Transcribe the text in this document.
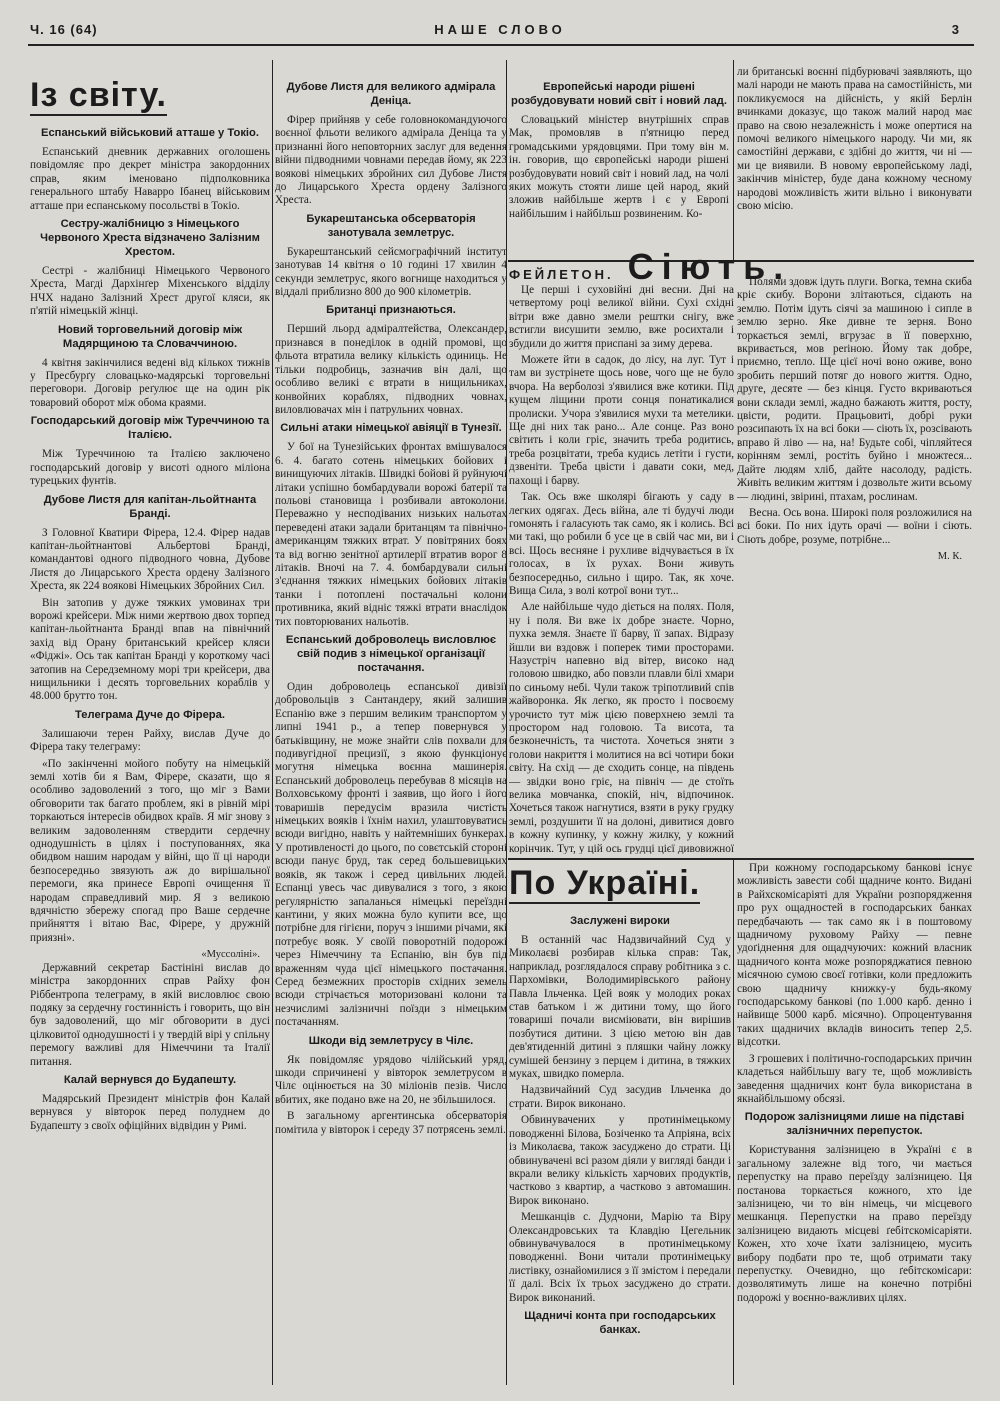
Ч. 16 (64)	НАШЕ СЛОВО	3
Із світу.
Еспанський військовий атташе у Токіо.

Еспанський дневник державних оголошень повідомляє про декрет міністра закордонних справ, яким іменовано підполковника генерального штабу Наварро Ібанец військовим атташе при еспанському посольстві в Токіо.

Сестру-жалібницю з Німецького Червоного Хреста відзначено Залізним Хрестом.

Сестрі - жалібниці Німецького Червоного Хреста, Магді Дархінґер Міхенського відділу НЧХ надано Залізний Хрест другої кляси, як п'ятій німецькій жінці.

Новий торговельний договір між Мадярщиною та Словаччиною.

4 квітня закінчилися ведені від кількох тижнів у Пресбурґу словацько-мадярські торговельні переговори. Договір реґулює ще на один рік товаровий оборот між обома краями.

Господарський договір між Туреччиною та Італією.

Між Туреччиною та Італією заключено господарський договір у висоті одного міліона турецьких фунтів.

Дубове Листя для капітан-льойтнанта Бранді.

З Головної Кватири Фірера, 12.4. Фірер надав капітан-льойтнантові Альбертові Бранді, командантові одного підводного човна, Дубове Листя до Лицарського Хреста ордену Залізного Хреста, як 224 воякові Німецьких Збройних Сил.

Він затопив у дуже тяжких умовинах три ворожі крейсери. Між ними жертвою двох торпед капітан-льойтнанта Бранді впав на північний захід від Орану британський крейсер кляси «Фіджі». Ось так капітан Бранді у короткому часі затопив на Середземному морі три крейсери, два нищильники і десять торговельних кораблів у 48.000 брутто тон.

Телеграма Дуче до Фірера.

Залишаючи терен Райху, вислав Дуче до Фірера таку телеграму:

«По закінченні мойого побуту на німецькій землі хотів би я Вам, Фірере, сказати, що я особливо задоволений з того, що міг з Вами обговорити так багато проблем, які в рівній мірі торкаються інтересів обидвох країв. Я міг знову з великим задоволенням ствердити сердечну однодушність в цілях і поступованнях, яка обидвом нашим народам у війні, що її ці народи безпосередньо звязують аж до вирішальної перемоги, яка принесе Европі очищення її народам справедливий мир. Я з великою вдячністю збережу спогад про Ваше сердечне прийняття і вітаю Вас, Фірере, у дружній приязні».

«Муссоліні».

Державний секретар Бастініні вислав до міністра закордонних справ Райху фон Ріббентропа телеграму, в якій висловлює свою подяку за сердечну гостинність і говорить, що він був задоволений, що міг обговорити в дусі цілковитої однодушності і у твердій вірі у спільну перемогу важливі для Німеччини та Італії питання.

Калай вернувся до Будапешту.

Мадярський Президент міністрів фон Калай вернувся у вівторок перед полуднем до Будапешту з своїх офіційних відвідин у Римі.

Дубове Листя для великого адмірала Деніца.

Фірер прийняв у себе головнокомандуючого воєнної фльоти великого адмірала Деніца та у признанні його неповторних заслуг для ведення війни підводними човнами передав йому, як 223 воякові німецьких збройних сил Дубове Листя до Лицарського Хреста ордену Залізного Хреста.

Букарештанська обсерваторія занотувала землетрус.

Букарештанський сейсмографічний інститут занотував 14 квітня о 10 годині 17 хвилин 4 секунди землетрус, якого вогнище находиться у віддалі приблизно 800 до 900 кілометрів.

Британці признаються.

Перший льорд адміралтейства, Олександер, признався в понеділок в одній промові, що фльота втратила велику кількість одиниць. Не тільки подробиць, зазначив він далі, що особливо великі є втрати в нищильниках, конвойних кораблях, підводних човнах, виловлювачах мін і патрульних човнах.

Сильні атаки німецької авіяції в Тунезії.

У бої на Тунезійських фронтах вмішувалося 6. 4. багато сотень німецьких бойових і винищуючих літаків. Швидкі бойові й руйнуючі літаки успішно бомбардували ворожі батерії та польові становища і розбивали автоколони. Переважно у несподіваних низьких нальотах переведені атаки задали британцям та північно-американцям тяжких втрат. У повітряних боях та від вогню зенітної артилерії втратив ворог 8 літаків. Вночі на 7. 4. бомбардували сильні з'єднання тяжких німецьких бойових літаків танки і потоплені постачальні колони противника, який відніс тяжкі втрати внаслідок тих повторюваних нальотів.

Еспанський доброволець висловлює свій подив з німецької організації постачання.

Один доброволець еспанської дивізії добровольців з Сантандеру, який залишив Еспанію вже з першим великим транспортом у липні 1941 р., а тепер повернувся у батьківщину, не може знайти слів похвали для подивугідної прецизії, з якою функціонує могутня німецька воєнна машинерія. Еспанський доброволець перебував 8 місяців на Волховському фронті і заявив, що його і його товаришів передусім вразила чистість німецьких вояків і їхнім нахил, улаштовуватись всюди вигідно, навіть у найтемніших бункерах. У противленості до цього, по совєтській стороні всюди панує бруд, так серед большевицьких вояків, як також і серед цивільних людей. Еспанці увесь час дивувалися з того, з якою реґулярністю запаланься німецькі переїздні кантини, у яких можна було купити все, що потрібне для гігієни, поруч з іншими річами, які потребує вояк. У своїй поворотній подорожі через Німеччину та Еспанію, він був під враженням чуда цієї німецького постачання. Серед безмежних просторів східних земель всюди стрічається моторизовані колони та незчислимі залізничні поїзди з німецьким постачанням.

Шкоди від землетрусу в Чілє.

Як повідомляє урядово чілійський уряд, шкоди спричинені у вівторок землетрусом в Чілє оцінюється на 30 міліонів пезів. Число вбитих, яке подано вже на 20, не збільшилося.

В загальному аргентинська обсерваторія помітила у вівторок і середу 37 потрясень землі.

Европейські народи рішені розбудовувати новий світ і новий лад.

Словацький міністер внутрішніх справ Мак, промовляв в п'ятницю перед громадськими урядовцями. При тому він м. ін. говорив, що європейські народи рішені розбудовувати новий світ і новий лад, на чолі яких можуть стояти лише цей народ, який зложив найбільше жертв і є у Европі найбільшим і найбільш розвиненим. Ко-

ли британські воєнні підбурювачі заявляють, що малі народи не мають права на самостійність, ми покликуємося на дійсність, у якій Берлін вчинками доказує, що також малий народ має право на свою незалежність і може опертися на помочі великого німецького народу. Чи ми, як самостійні держави, є здібні до життя, чи ні — ми це виявили. В новому европейському ладі, закінчив міністер, буде дана кожному чесному народові можливість жити вільно і виконувати свою місію.

ФЕЙЛЕТОН. Сіють.

Це перші і суховійні дні весни. Дні на четвертому році великої війни. Сухі східні вітри вже давно змели рештки снігу, вже встигли висушити землю, вже росихтали і збудили до життя приспані за зиму дерева.

Можете йти в садок, до лісу, на луг. Тут і там ви зустрінете щось нове, чого ще не було вчора. На верболозі з'явилися вже котики. Під кущем ліщини проти сонця понатикалися пролиски. Учора з'явилися мухи та метелики. Ще дні них так рано... Але сонце. Раз воно світить і коли гріє, значить треба родитись, треба розцвітати, треба кудись летіти і густи, дзвеніти. Треба цвісти і давати соки, мед, пахощі і барву.

Так. Ось вже школярі бігають у саду в легких одягах. Десь війна, але ті будучі люди гомонять і галасують так само, як і колись. Всі ми такі, що робили б усе це в свій час ми, ви і всі. Щось весняне і рухливе відчувається в їх голосах, в їх рухах. Вони живуть безпосередньо, сильно і щиро. Так, як хоче. Вища Сила, з волі котрої вони тут...

Але найбільше чудо діється на полях. Поля, ну і поля. Ви вже іх добре знаєте. Чорно, пухка земля. Знаєте її барву, її запах. Відразу йшли ви вздовж і поперек тими просторами. Назустріч напевно від вітер, високо над головою швидко, або повзли плавли білі хмари по синьому небі. Чули також тріпотливий спів жайворонка. Як легко, як просто і посвоєму урочисто тут між цією поверхнею землі та простором над головою. Та висота, та безконечність, та чистота. Хочеться зняти з голови накриття і молитися на всі чотири боки світу. На схід — де сходить сонце, на південь — звідки воно гріє, на північ — де стоїть велика мовчанка, спокій, ніч, відпочинок. Хочеться також нагнутися, взяти в руку грудку землі, роздушити її на долоні, дивитися довго в кожну купинку, у кожну жилку, у кожний корінчик. Тут, у цій ось грудці цієї дивовижної

Полями здовж ідуть плуги. Вогка, темна скиба кріє скибу. Ворони злітаються, сідають на землю. Потім ідуть сіячі за машиною і сипле в землю зерно. Яке дивне те зерня. Воно торкається землі, вгрузає в її поверхню, вкривається, мов periною. Йому так добре, приємно, тепло. Ще цієї ночі воно оживе, воно зробить перший потяг до нового життя. Одно, друге, десяте — без кінця. Густо вкриваються вони склади землі, жадно бажають життя, росту, цвісти, родити. Працьовиті, добрі руки розсипають їх на всі боки — сіють їх, розсівають вправо й ліво — на, на! Будьте собі, чіпляйтеся корінням землі, ростіть буйно і множтеся... Дайте людям хліб, дайте насолоду, радість. Живіть великим життям і дозвольте жити всьому — людині, звірині, птахам, рослинам.

Весна. Ось вона. Широкі поля розложилися на всі боки. По них ідуть орачі — воїни і сіють. Сіють добре, розуме, потрібне...

М. К.
По Україні.
Заслужені вироки

В останній час Надзвичайний Суд у Миколаєві розбирав кілька справ: Так, наприклад, розглядалося справу робітника з с. Пархомівки, Володимирівського району Павла Ільченка. Цей вояк у молодих роках став батьком і ж дитини тому, що його товариші почали висміювати, він вирішив позбутися дитини. З цією метою він дав дев'ятиденній дитині з пляшки чайну ложку сумішей бензину з перцем і дитина, в тяжких муках, швидко померла.

Надзвичайний Суд засудив Ільченка до страти. Вирок виконано.

Обвинувачених у протинімецькому поводженні Білова, Бозіченко та Апріяна, всіх із Миколаєва, також засуджено до страти. Ці обвинувачені всі разом діяли у вигляді банди і вкрали велику кількість харчових продуктів, частково з квартир, а частково з автомашин. Вирок виконано.

Мешканців с. Дудчони, Марію та Віру Олександровських та Клавдію Цегельник обвинувачувалося в протинімецькому поводженні. Вони читали протинімецьку листівку, ознайомилися з її змістом і передали її далі. Всіх їх трьох засуджено до страти. Вирок виконаний.

Щадничі конта при господарських банках.

При кожному господарському банкові існує можливість завести собі щадниче конто. Видані в Райхскомісаріяті для України розпорядження про рух ощадностей в господарських банках передбачають — так само як і в поштовому щадничому руховому Райху — певне удоґіднення для ощадчуючих: кожний власник щадничого конта може розпоряджатися певною місячною сумою своєї готівки, коли предложить свою щадничу книжку-у будь-якому господарському банкові (по 1.000 карб. денно і найвище 5000 карб. місячно). Опроцентування таких щадничих вкладів виносить тепер 2,5. відсотки.

З грошевих і політично-господарських причин кладеться найбільшу вагу те, щоб можливість заведення щадничих конт була використана в якнайбільшому обсязі.

Подорож залізницями лише на підставі залізничних перепусток.

Користування залізницею в Україні є в загальному залежне від того, чи мається перепустку на право переїзду залізницею. Ця постанова торкається кожного, хто іде залізницею, чи то він німець, чи місцевого мешканця. Перепустки на право переїзду залізницею видають місцеві ґебітскомісаріяти. Кожен, хто хоче їхати залізницею, мусить вибору подбати про те, щоб отримати таку перепустку. Очевидно, що ґебітскомісари: дозволятимуть лише на конечно потрібні подорожі у воєнно-важливих цілях.
